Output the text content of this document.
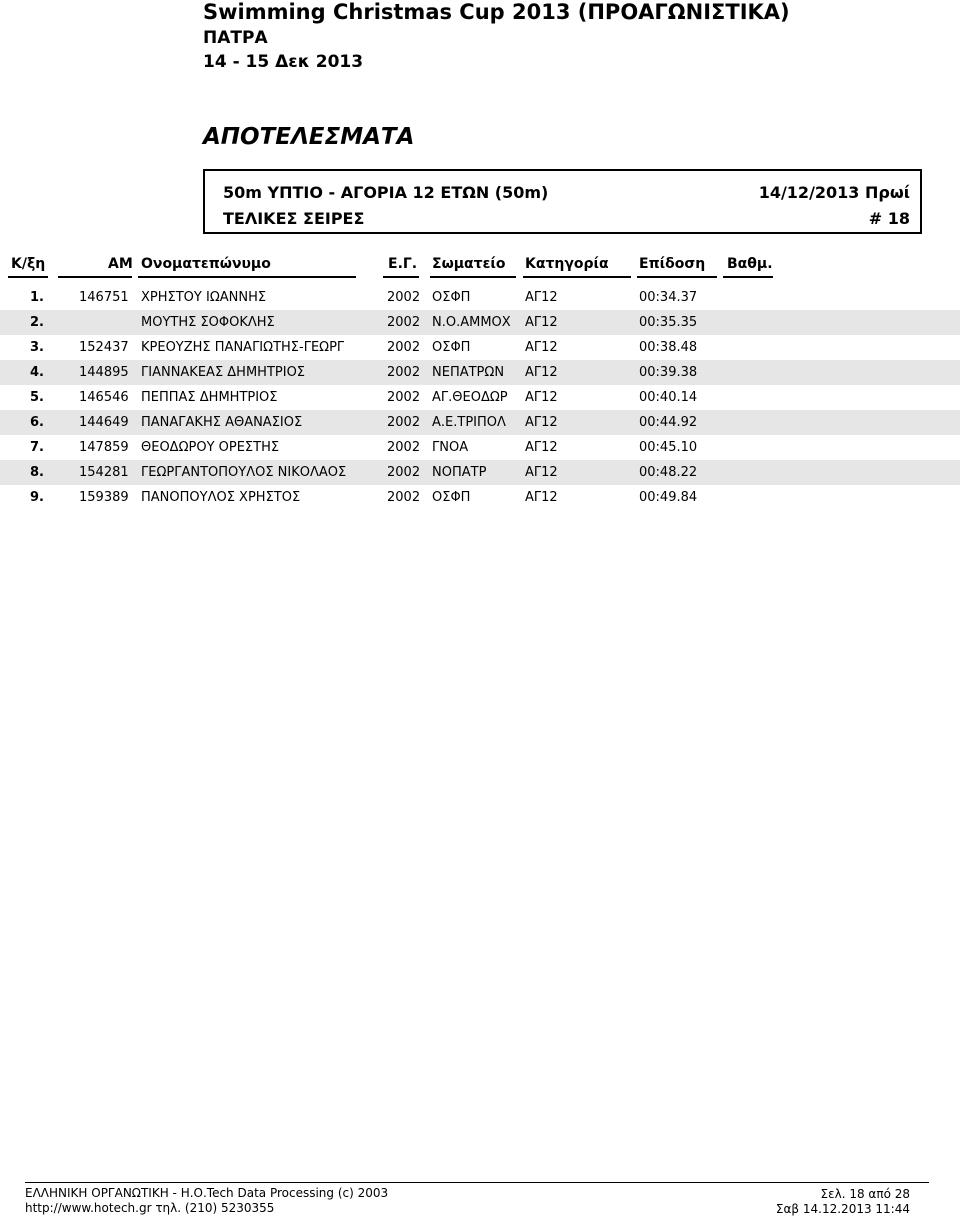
Swimming Christmas Cup 2013 (ΠΡΟΑΓΩΝΙΣΤΙΚΑ)
ΠΑΤΡΑ
14 - 15 Δεκ 2013
ΑΠΟΤΕΛΕΣΜΑΤΑ
50m ΥΠΤΙΟ - ΑΓΟΡΙΑ 12 ΕΤΩΝ (50m)	14/12/2013 Πρωί
ΤΕΛΙΚΕΣ ΣΕΙΡΕΣ	# 18
Κ/ξη	ΑΜ Ονοματεπώνυμο	Ε.Γ. Σωματείο Κατηγορία Επίδοση Βαθμ.
1.	146751 ΧΡΗΣΤΟΥ ΙΩΑΝΝΗΣ	2002 ΟΣΦΠ	ΑΓ12	00:34.37
2.	ΜΟΥΤΗΣ ΣΟΦΟΚΛΗΣ	2002 Ν.Ο.ΑΜΜΟΧ ΑΓ12	00:35.35
3.	152437 ΚΡΕΟΥΖΗΣ ΠΑΝΑΓΙΩΤΗΣ-ΓΕΩΡΓ	2002 ΟΣΦΠ	ΑΓ12	00:38.48
4.	144895 ΓΙΑΝΝΑΚΕΑΣ ΔΗΜΗΤΡΙΟΣ	2002 ΝΕΠΑΤΡΩΝ ΑΓ12	00:39.38
5.	146546 ΠΕΠΠΑΣ ΔΗΜΗΤΡΙΟΣ	2002 ΑΓ.ΘΕΟΔΩΡ ΑΓ12	00:40.14
6.	144649 ΠΑΝΑΓΑΚΗΣ ΑΘΑΝΑΣΙΟΣ	2002 Α.Ε.ΤΡΙΠΟΛ ΑΓ12	00:44.92
7.	147859 ΘΕΟΔΩΡΟΥ ΟΡΕΣΤΗΣ	2002 ΓΝΟΑ	ΑΓ12	00:45.10
8.	154281 ΓΕΩΡΓΑΝΤΟΠΟΥΛΟΣ ΝΙΚΟΛΑΟΣ	2002 ΝΟΠΑΤΡ	ΑΓ12	00:48.22
9.	159389 ΠΑΝΟΠΟΥΛΟΣ ΧΡΗΣΤΟΣ	2002 ΟΣΦΠ	ΑΓ12	00:49.84
ΕΛΛΗΝΙΚΗ ΟΡΓΑΝΩΤΙΚΗ - Η.Ο.Tech Data Processing (c) 2003
http://www.hotech.gr τηλ. (210) 5230355
Σελ. 18 από 28
Σαβ 14.12.2013 11:44
